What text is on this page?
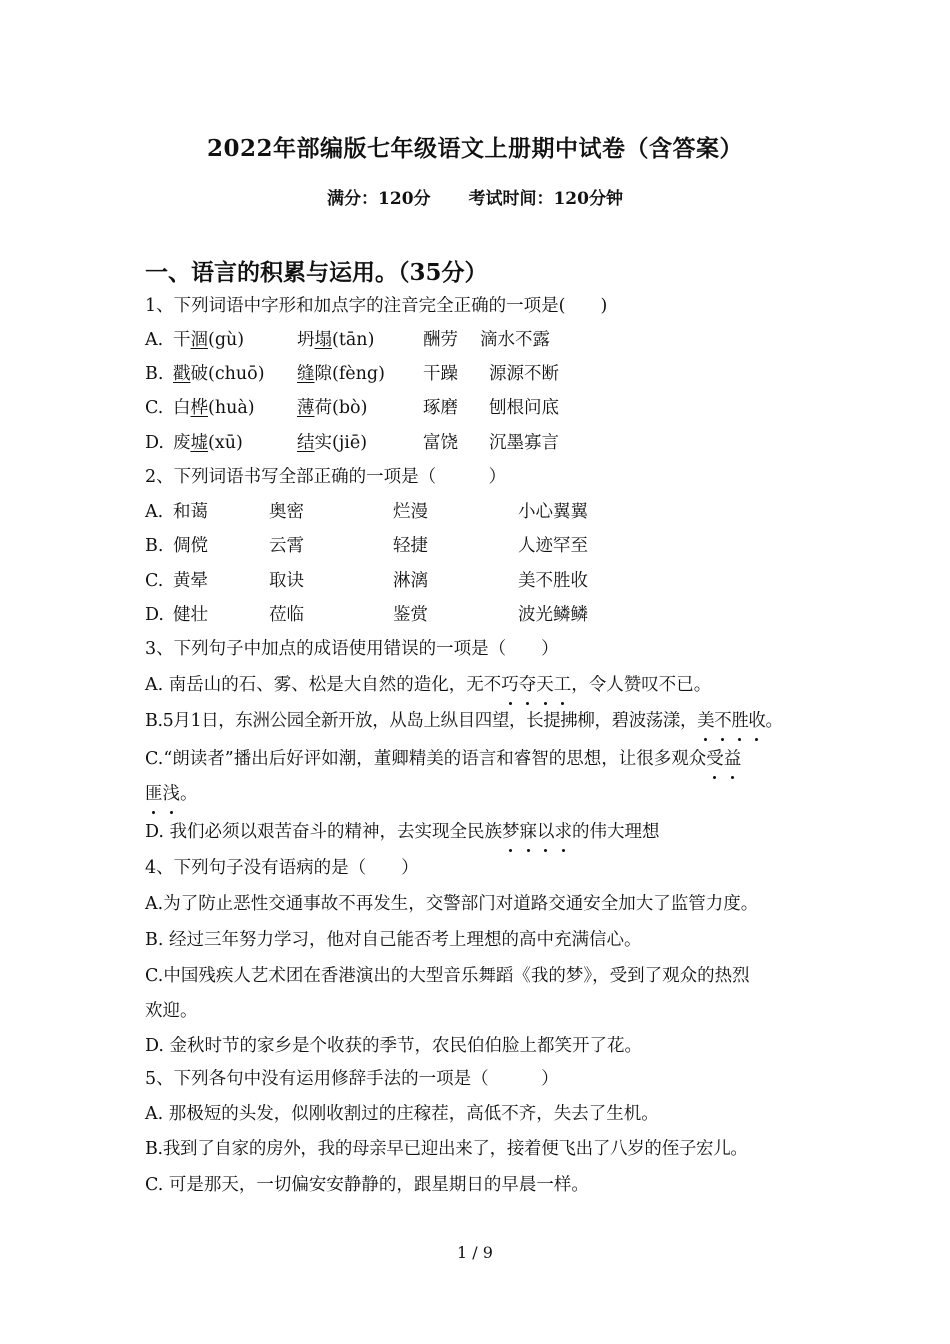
2022年部编版七年级语文上册期中试卷（含答案）
满分：120分 考试时间：120分钟
一、语言的积累与运用。（35分）
1、下列词语中字形和加点字的注音完全正确的一项是(　　)
A. 干涸(gù)	坍塌(tān)	酬劳 滴水不露
B. 戳破(chuō) 缝隙(fèng) 干躁 源源不断
C. 白桦(huà) 薄荷(bò)	琢磨 刨根问底
D. 废墟(xū)	结实(jiē)	富饶 沉墨寡言
2、下列词语书写全部正确的一项是（　　　）
A. 和蔼	奥密	烂漫	小心翼翼
B. 倜傥	云霄	轻捷	人迹罕至
C. 黄晕	取诀	淋漓	美不胜收
D. 健壮	莅临	鉴赏	波光鳞鳞
3、下列句子中加点的成语使用错误的一项是（　　）
A. 南岳山的石、雾、松是大自然的造化，无不巧夺天工，令人赞叹不已。
B.5月1日，东洲公园全新开放，从岛上纵目四望，长提拂柳，碧波荡漾，美不胜收。
C.“朗读者”播出后好评如潮，董卿精美的语言和睿智的思想，让很多观众受益
匪浅。
D. 我们必须以艰苦奋斗的精神，去实现全民族梦寐以求的伟大理想
4、下列句子没有语病的是（　　）
A.为了防止恶性交通事故不再发生，交警部门对道路交通安全加大了监管力度。
B. 经过三年努力学习，他对自己能否考上理想的高中充满信心。
C.中国残疾人艺术团在香港演出的大型音乐舞蹈《我的梦》，受到了观众的热烈
欢迎。
D. 金秋时节的家乡是个收获的季节，农民伯伯脸上都笑开了花。
5、下列各句中没有运用修辞手法的一项是（　　　）
A. 那极短的头发，似刚收割过的庄稼茬，高低不齐，失去了生机。
B.我到了自家的房外，我的母亲早已迎出来了，接着便飞出了八岁的侄子宏儿。
C. 可是那天，一切偏安安静静的，跟星期日的早晨一样。
1 / 9
